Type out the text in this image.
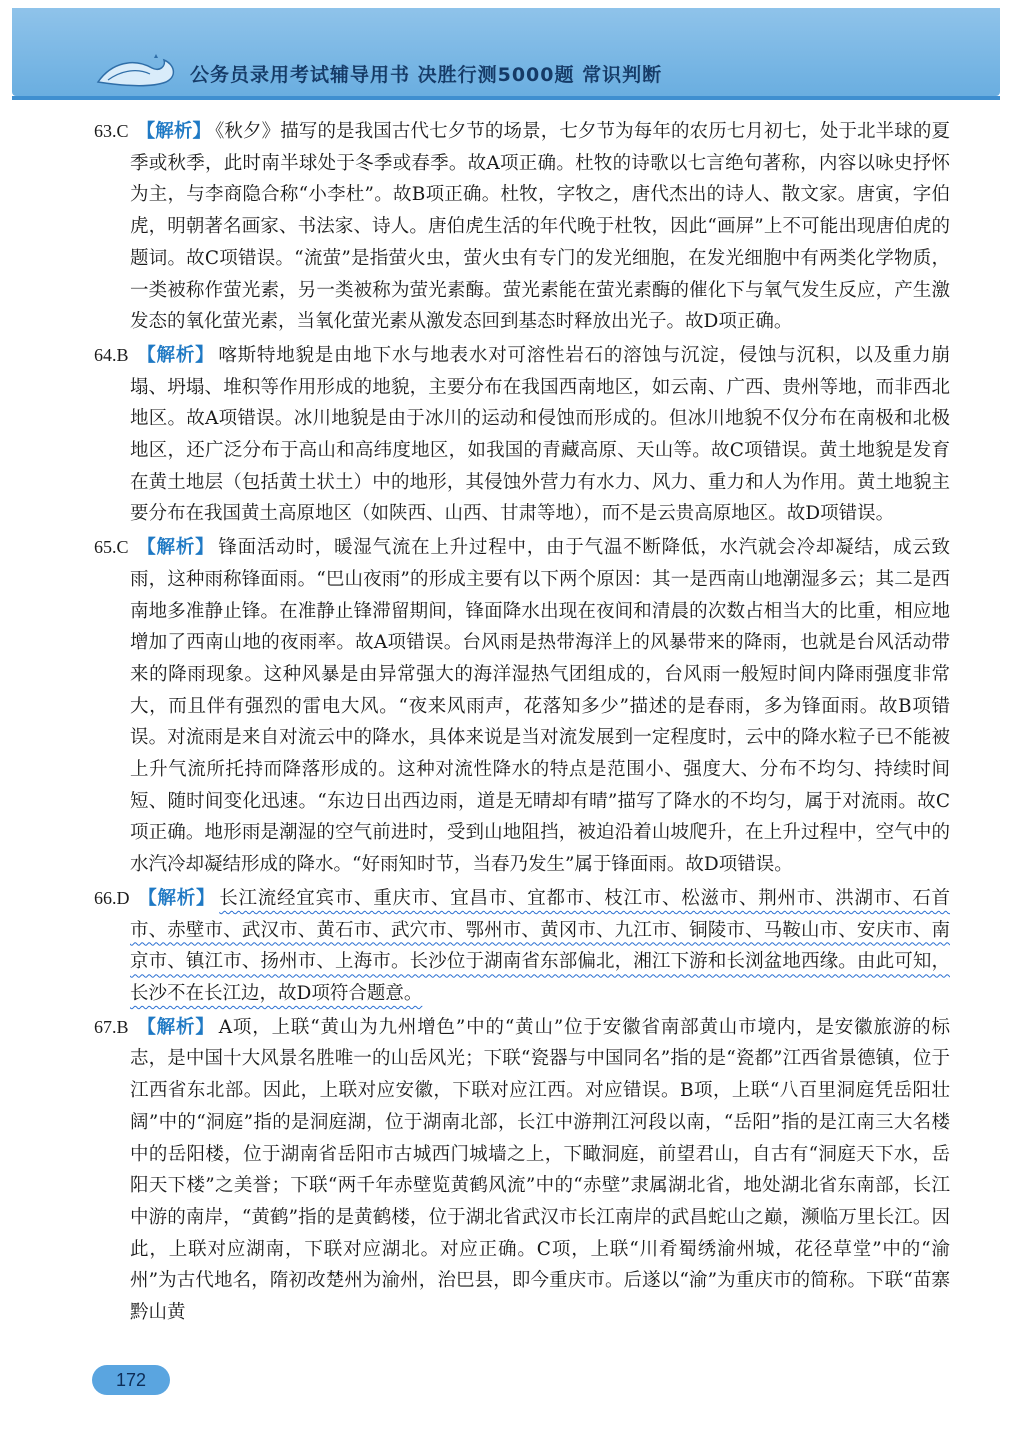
公务员录用考试辅导用书 决胜行测5000题 常识判断

63.C 【解析】 《秋夕》描写的是我国古代七夕节的场景，七夕节为每年的农历七月初七，处于北半球的夏季或秋季，此时南半球处于冬季或春季。故A项正确。杜牧的诗歌以七言绝句著称，内容以咏史抒怀为主，与李商隐合称“小李杜”。故B项正确。杜牧，字牧之，唐代杰出的诗人、散文家。唐寅，字伯虎，明朝著名画家、书法家、诗人。唐伯虎生活的年代晚于杜牧，因此“画屏”上不可能出现唐伯虎的题词。故C项错误。“流萤”是指萤火虫，萤火虫有专门的发光细胞，在发光细胞中有两类化学物质，一类被称作萤光素，另一类被称为萤光素酶。萤光素能在萤光素酶的催化下与氧气发生反应，产生激发态的氧化萤光素，当氧化萤光素从激发态回到基态时释放出光子。故D项正确。

64.B 【解析】 喀斯特地貌是由地下水与地表水对可溶性岩石的溶蚀与沉淀，侵蚀与沉积，以及重力崩塌、坍塌、堆积等作用形成的地貌，主要分布在我国西南地区，如云南、广西、贵州等地，而非西北地区。故A项错误。冰川地貌是由于冰川的运动和侵蚀而形成的。但冰川地貌不仅分布在南极和北极地区，还广泛分布于高山和高纬度地区，如我国的青藏高原、天山等。故C项错误。黄土地貌是发育在黄土地层（包括黄土状土）中的地形，其侵蚀外营力有水力、风力、重力和人为作用。黄土地貌主要分布在我国黄土高原地区（如陕西、山西、甘肃等地），而不是云贵高原地区。故D项错误。

65.C 【解析】 锋面活动时，暖湿气流在上升过程中，由于气温不断降低，水汽就会冷却凝结，成云致雨，这种雨称锋面雨。“巴山夜雨”的形成主要有以下两个原因：其一是西南山地潮湿多云；其二是西南地多准静止锋。在准静止锋滞留期间，锋面降水出现在夜间和清晨的次数占相当大的比重，相应地增加了西南山地的夜雨率。故A项错误。台风雨是热带海洋上的风暴带来的降雨，也就是台风活动带来的降雨现象。这种风暴是由异常强大的海洋湿热气团组成的，台风雨一般短时间内降雨强度非常大，而且伴有强烈的雷电大风。“夜来风雨声，花落知多少”描述的是春雨，多为锋面雨。故B项错误。对流雨是来自对流云中的降水，具体来说是当对流发展到一定程度时，云中的降水粒子已不能被上升气流所托持而降落形成的。这种对流性降水的特点是范围小、强度大、分布不均匀、持续时间短、随时间变化迅速。“东边日出西边雨，道是无晴却有晴”描写了降水的不均匀，属于对流雨。故C项正确。地形雨是潮湿的空气前进时，受到山地阻挡，被迫沿着山坡爬升，在上升过程中，空气中的水汽冷却凝结形成的降水。“好雨知时节，当春乃发生”属于锋面雨。故D项错误。

66.D 【解析】 长江流经宜宾市、重庆市、宜昌市、宜都市、枝江市、松滋市、荆州市、洪湖市、石首市、赤壁市、武汉市、黄石市、武穴市、鄂州市、黄冈市、九江市、铜陵市、马鞍山市、安庆市、南京市、镇江市、扬州市、上海市。长沙位于湖南省东部偏北，湘江下游和长浏盆地西缘。由此可知，长沙不在长江边，故D项符合题意。

67.B 【解析】 A项，上联“黄山为九州增色”中的“黄山”位于安徽省南部黄山市境内，是安徽旅游的标志，是中国十大风景名胜唯一的山岳风光；下联“瓷器与中国同名”指的是“瓷都”江西省景德镇，位于江西省东北部。因此，上联对应安徽，下联对应江西。对应错误。B项，上联“八百里洞庭凭岳阳壮阔”中的“洞庭”指的是洞庭湖，位于湖南北部，长江中游荆江河段以南，“岳阳”指的是江南三大名楼中的岳阳楼，位于湖南省岳阳市古城西门城墙之上，下瞰洞庭，前望君山，自古有“洞庭天下水，岳阳天下楼”之美誉；下联“两千年赤壁览黄鹤风流”中的“赤壁”隶属湖北省，地处湖北省东南部，长江中游的南岸，“黄鹤”指的是黄鹤楼，位于湖北省武汉市长江南岸的武昌蛇山之巅，濒临万里长江。因此，上联对应湖南，下联对应湖北。对应正确。C项，上联“川肴蜀绣渝州城，花径草堂”中的“渝州”为古代地名，隋初改楚州为渝州，治巴县，即今重庆市。后遂以“渝”为重庆市的简称。下联“苗寨黔山黄

172
